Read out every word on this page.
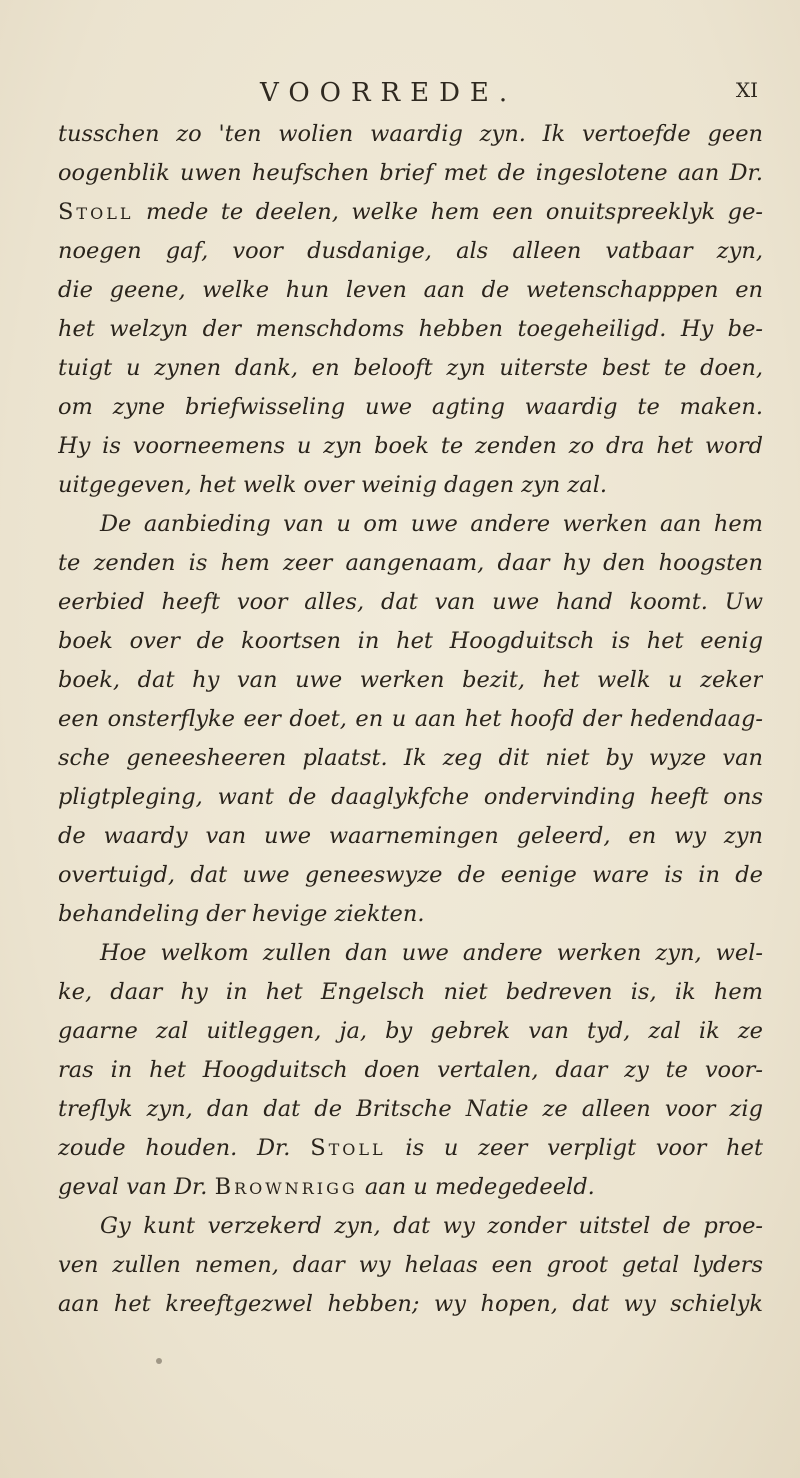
VOORREDE.	XI
tusschen zo 'ten wolien waardig zyn. Ik vertoefde geen
oogenblik uwen heufschen brief met de ingeslotene aan Dr.
Stoll mede te deelen, welke hem een onuitspreeklyk ge-
noegen gaf, voor dusdanige, als alleen vatbaar zyn,
die geene, welke hun leven aan de wetenschapppen en
het welzyn der menschdoms hebben toegeheiligd. Hy be-
tuigt u zynen dank, en belooft zyn uiterste best te doen,
om zyne briefwisseling uwe agting waardig te maken.
Hy is voorneemens u zyn boek te zenden zo dra het word
uitgegeven, het welk over weinig dagen zyn zal.
De aanbieding van u om uwe andere werken aan hem
te zenden is hem zeer aangenaam, daar hy den hoogsten
eerbied heeft voor alles, dat van uwe hand koomt. Uw
boek over de koortsen in het Hoogduitsch is het eenig
boek, dat hy van uwe werken bezit, het welk u zeker
een onsterflyke eer doet, en u aan het hoofd der hedendaag-
sche geneesheeren plaatst. Ik zeg dit niet by wyze van
pligtpleging, want de daaglykfche ondervinding heeft ons
de waardy van uwe waarnemingen geleerd, en wy zyn
overtuigd, dat uwe geneeswyze de eenige ware is in de
behandeling der hevige ziekten.
Hoe welkom zullen dan uwe andere werken zyn, wel-
ke, daar hy in het Engelsch niet bedreven is, ik hem
gaarne zal uitleggen, ja, by gebrek van tyd, zal ik ze
ras in het Hoogduitsch doen vertalen, daar zy te voor-
treflyk zyn, dan dat de Britsche Natie ze alleen voor zig
zoude houden. Dr. Stoll is u zeer verpligt voor het
geval van Dr. Brownrigg aan u medegedeeld.
Gy kunt verzekerd zyn, dat wy zonder uitstel de proe-
ven zullen nemen, daar wy helaas een groot getal lyders
aan het kreeftgezwel hebben; wy hopen, dat wy schielyk
